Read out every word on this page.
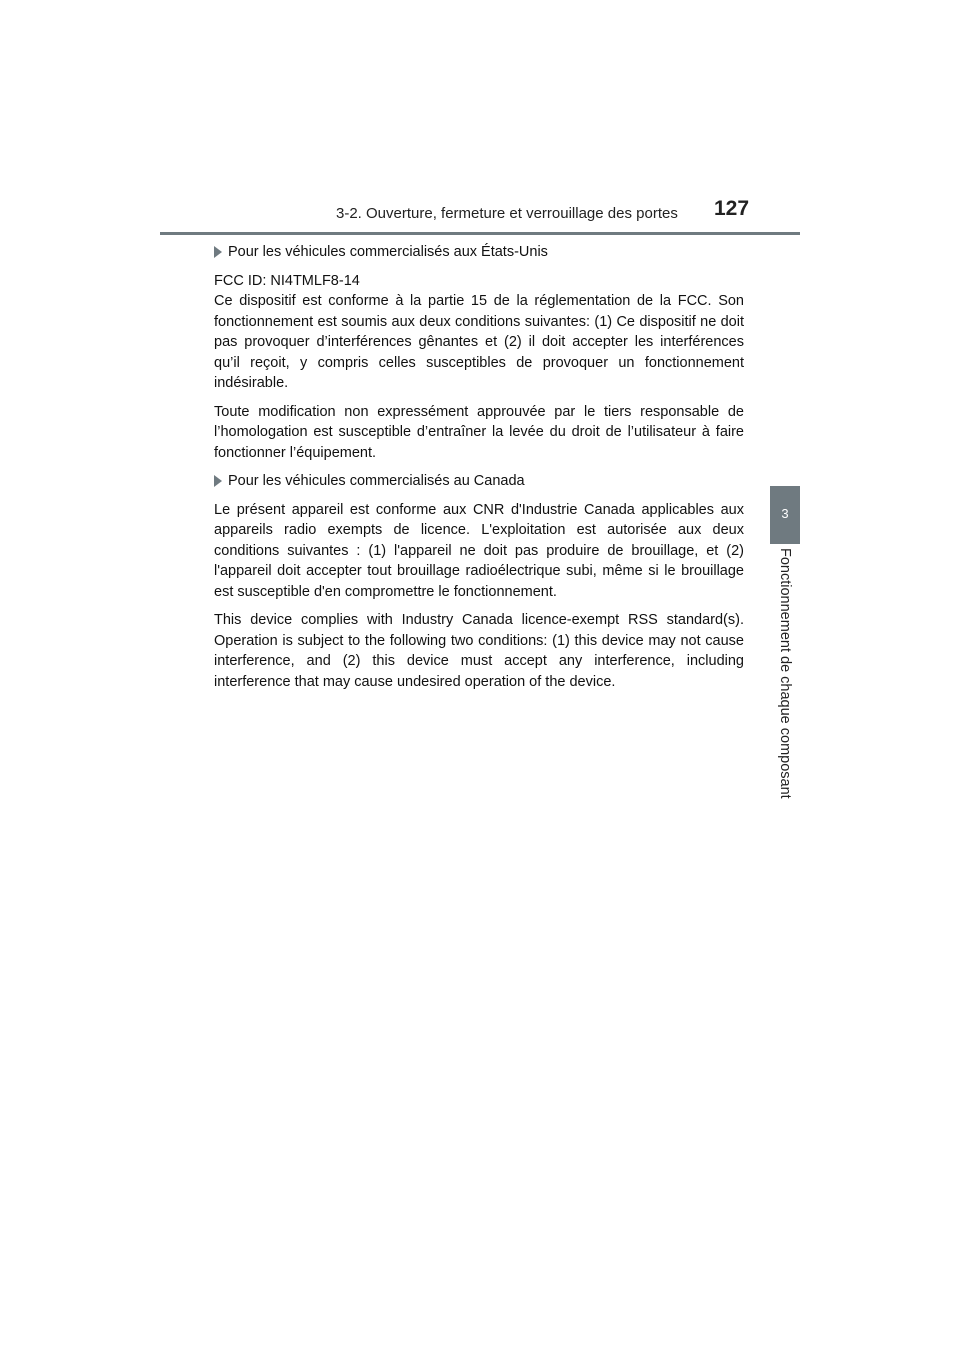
3-2. Ouverture, fermeture et verrouillage des portes 127
3
Fonctionnement de chaque composant
Pour les véhicules commercialisés aux États-Unis
FCC ID: NI4TMLF8-14
Ce dispositif est conforme à la partie 15 de la réglementation de la FCC. Son fonctionnement est soumis aux deux conditions suivantes: (1) Ce dispositif ne doit pas provoquer d’interférences gênantes et (2) il doit accepter les interférences qu’il reçoit, y compris celles susceptibles de provoquer un fonctionnement indésirable.

Toute modification non expressément approuvée par le tiers responsable de l’homologation est susceptible d’entraîner la levée du droit de l’utilisateur à faire fonctionner l’équipement.

Pour les véhicules commercialisés au Canada

Le présent appareil est conforme aux CNR d'Industrie Canada applicables aux appareils radio exempts de licence. L'exploitation est autorisée aux deux conditions suivantes : (1) l'appareil ne doit pas produire de brouillage, et (2) l'appareil doit accepter tout brouillage radioélectrique subi, même si le brouillage est susceptible d'en compromettre le fonctionnement.

This device complies with Industry Canada licence-exempt RSS standard(s). Operation is subject to the following two conditions: (1) this device may not cause interference, and (2) this device must accept any interference, including interference that may cause undesired operation of the device.
